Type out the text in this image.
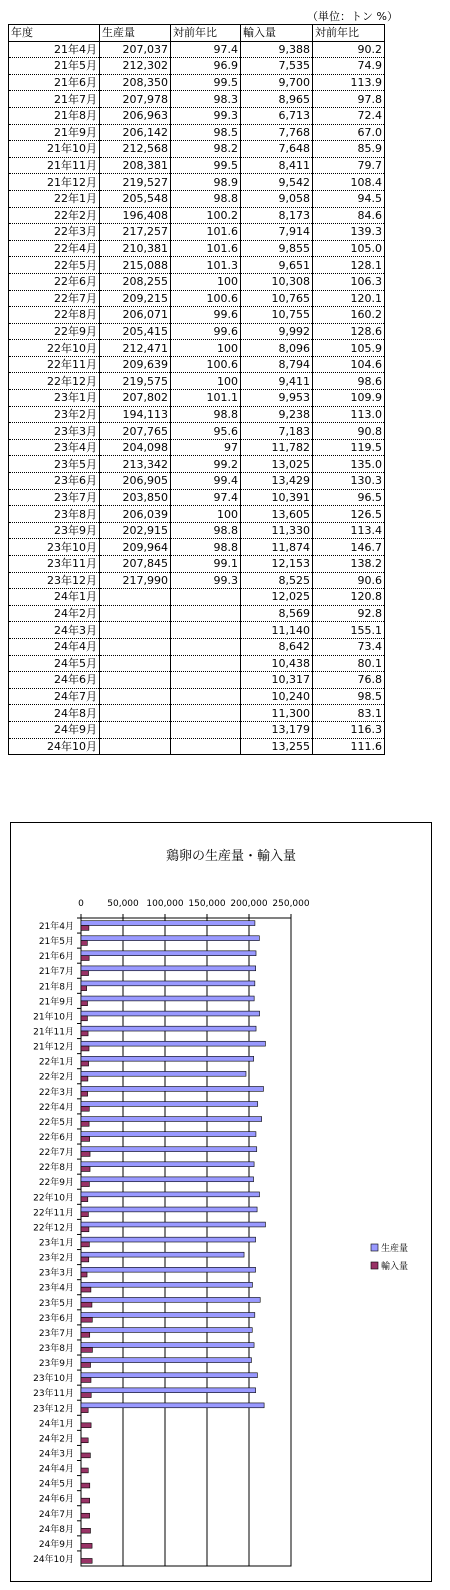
（単位：トン %）
年度	生産量	対前年比	輸入量	対前年比
21年4月	207,037	97.4	9,388	90.2
21年5月	212,302	96.9	7,535	74.9
21年6月	208,350	99.5	9,700	113.9
21年7月	207,978	98.3	8,965	97.8
21年8月	206,963	99.3	6,713	72.4
21年9月	206,142	98.5	7,768	67.0
21年10月	212,568	98.2	7,648	85.9
21年11月	208,381	99.5	8,411	79.7
21年12月	219,527	98.9	9,542	108.4
22年1月	205,548	98.8	9,058	94.5
22年2月	196,408	100.2	8,173	84.6
22年3月	217,257	101.6	7,914	139.3
22年4月	210,381	101.6	9,855	105.0
22年5月	215,088	101.3	9,651	128.1
22年6月	208,255	100	10,308	106.3
22年7月	209,215	100.6	10,765	120.1
22年8月	206,071	99.6	10,755	160.2
22年9月	205,415	99.6	9,992	128.6
22年10月	212,471	100	8,096	105.9
22年11月	209,639	100.6	8,794	104.6
22年12月	219,575	100	9,411	98.6
23年1月	207,802	101.1	9,953	109.9
23年2月	194,113	98.8	9,238	113.0
23年3月	207,765	95.6	7,183	90.8
23年4月	204,098	97	11,782	119.5
23年5月	213,342	99.2	13,025	135.0
23年6月	206,905	99.4	13,429	130.3
23年7月	203,850	97.4	10,391	96.5
23年8月	206,039	100	13,605	126.5
23年9月	202,915	98.8	11,330	113.4
23年10月	209,964	98.8	11,874	146.7
23年11月	207,845	99.1	12,153	138.2
23年12月	217,990	99.3	8,525	90.6
24年1月			12,025	120.8
24年2月			8,569	92.8
24年3月			11,140	155.1
24年4月			8,642	73.4
24年5月			10,438	80.1
24年6月			10,317	76.8
24年7月			10,240	98.5
24年8月			11,300	83.1
24年9月			13,179	116.3
24年10月			13,255	111.6
鶏卵の生産量・輸入量
0	50,000 100,000 150,000 200,000 250,000
21年4月
21年5月
21年6月
21年7月
21年8月
21年9月
21年10月
21年11月
21年12月
22年1月
22年2月
22年3月
22年4月
22年5月
22年6月
22年7月
22年8月
22年9月
22年10月
22年11月
22年12月
23年1月
23年2月
23年3月
23年4月
23年5月
23年6月
23年7月
23年8月
23年9月
23年10月
23年11月
23年12月
24年1月
24年2月
24年3月
24年4月
24年5月
24年6月
24年7月
24年8月
24年9月
24年10月
生産量
輸入量
